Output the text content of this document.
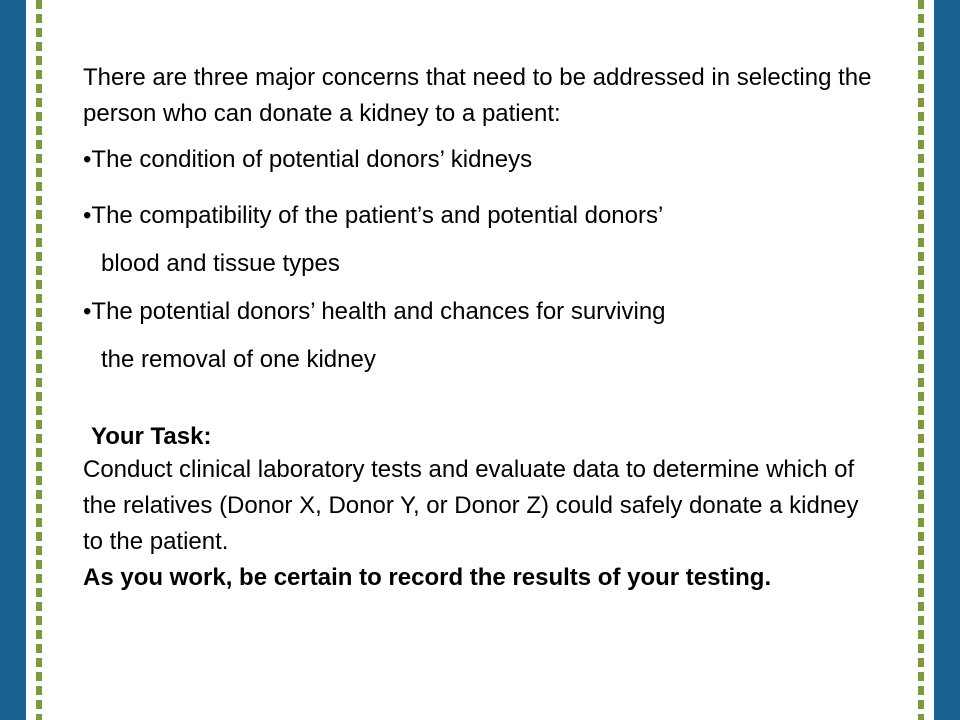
There are three major concerns that need to be addressed in selecting the person who can donate a kidney to a patient:

•The condition of potential donors’ kidneys

•The compatibility of the patient’s and potential donors’
blood and tissue types

•The potential donors’ health and chances for surviving
the removal of one kidney

Your Task:

Conduct clinical laboratory tests and evaluate data to determine which of the relatives (Donor X, Donor Y, or Donor Z) could safely donate a kidney to the patient.

As you work, be certain to record the results of your testing.
